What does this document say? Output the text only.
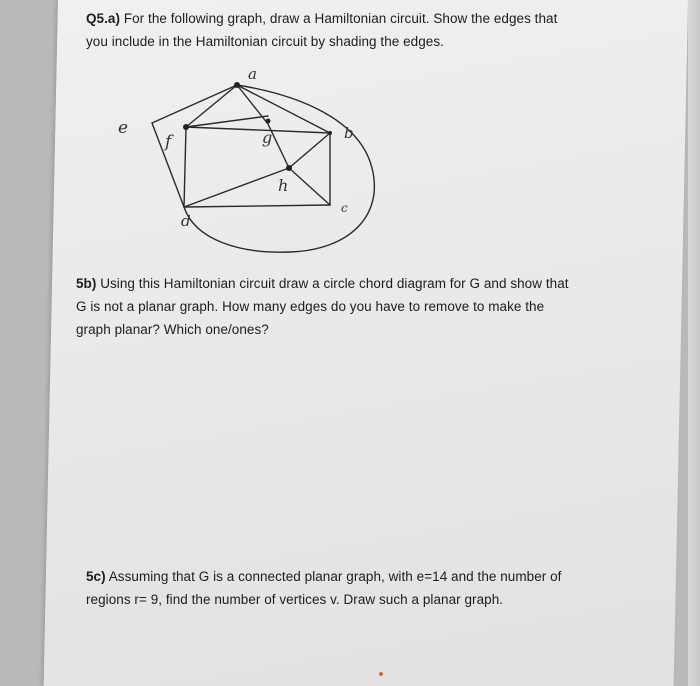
Q5.a) For the following graph, draw a Hamiltonian circuit. Show the edges that
you include in the Hamiltonian circuit by shading the edges.
a
b
c
d
e
f	g
h
5b) Using this Hamiltonian circuit draw a circle chord diagram for G and show that
G is not a planar graph. How many edges do you have to remove to make the
graph planar? Which one/ones?
5c) Assuming that G is a connected planar graph, with e=14 and the number of
regions r= 9, find the number of vertices v. Draw such a planar graph.
